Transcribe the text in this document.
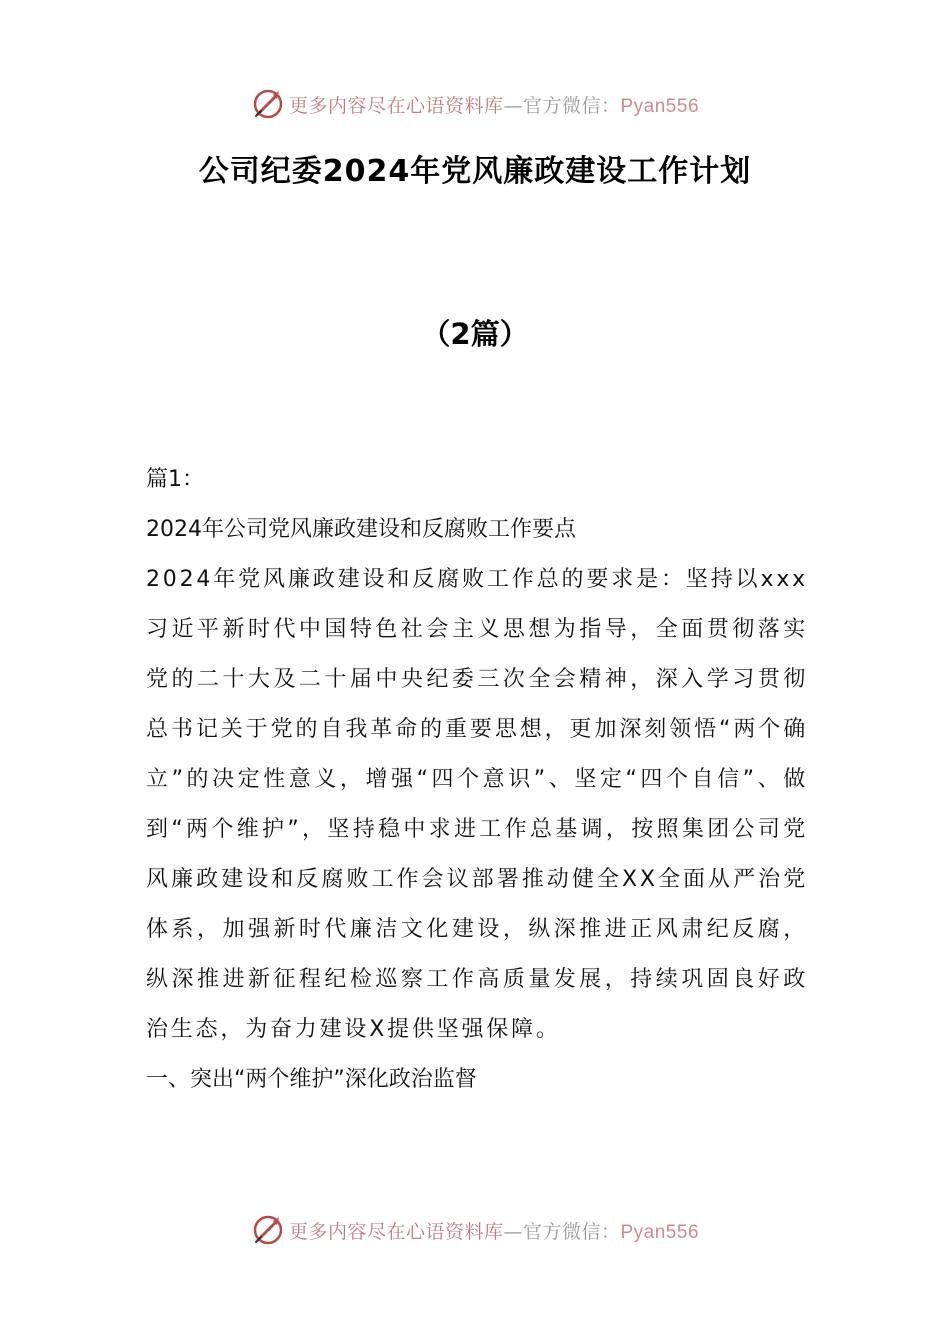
更多内容尽在心语资料库—官方微信：Pyan556
公司纪委2024年党风廉政建设工作计划
（2篇）

篇1：

2024年公司党风廉政建设和反腐败工作要点

2024年党风廉政建设和反腐败工作总的要求是：坚持以xxx习近平新时代中国特色社会主义思想为指导，全面贯彻落实党的二十大及二十届中央纪委三次全会精神，深入学习贯彻总书记关于党的自我革命的重要思想，更加深刻领悟“两个确立”的决定性意义，增强“四个意识”、坚定“四个自信”、做到“两个维护”，坚持稳中求进工作总基调，按照集团公司党风廉政建设和反腐败工作会议部署推动健全XX全面从严治党体系，加强新时代廉洁文化建设，纵深推进正风肃纪反腐，纵深推进新征程纪检巡察工作高质量发展，持续巩固良好政治生态，为奋力建设X提供坚强保障。

一、突出“两个维护”深化政治监督

更多内容尽在心语资料库—官方微信：Pyan556
